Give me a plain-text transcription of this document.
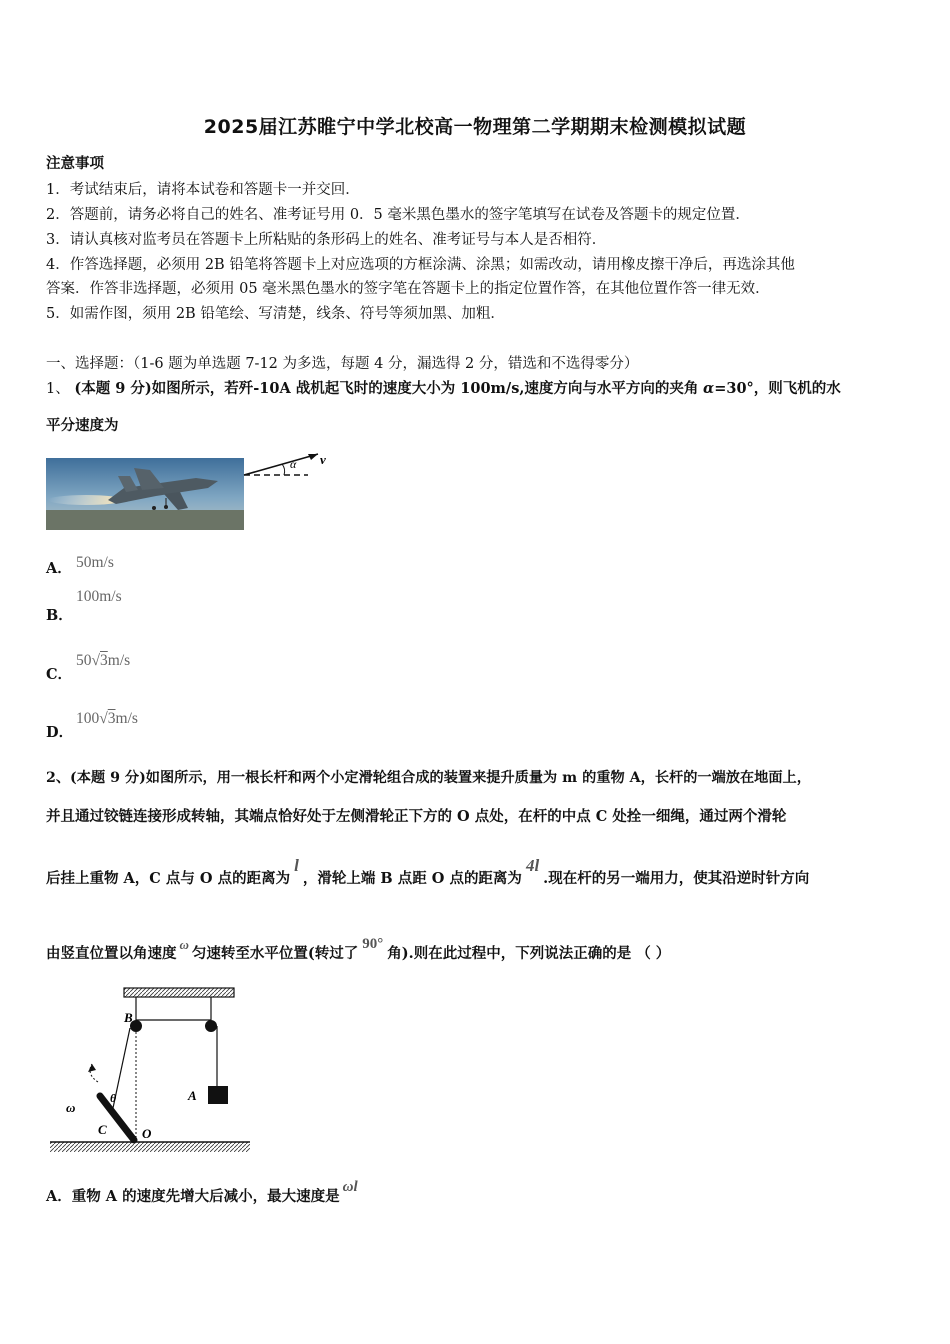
2025届江苏睢宁中学北校高一物理第二学期期末检测模拟试题
注意事项
1．考试结束后，请将本试卷和答题卡一并交回．
2．答题前，请务必将自己的姓名、准考证号用 0．5 毫米黑色墨水的签字笔填写在试卷及答题卡的规定位置．
3．请认真核对监考员在答题卡上所粘贴的条形码上的姓名、准考证号与本人是否相符．
4．作答选择题，必须用 2B 铅笔将答题卡上对应选项的方框涂满、涂黑；如需改动，请用橡皮擦干净后，再选涂其他
答案．作答非选择题，必须用 05 毫米黑色墨水的签字笔在答题卡上的指定位置作答，在其他位置作答一律无效．
5．如需作图，须用 2B 铅笔绘、写清楚，线条、符号等须加黑、加粗．
一、选择题：（1-6 题为单选题 7-12 为多选，每题 4 分，漏选得 2 分，错选和不选得零分）
1、 (本题 9 分)如图所示，若歼-10A 战机起飞时的速度大小为 100m/s,速度方向与水平方向的夹角 α=30°，则飞机的水
平分速度为
α v
A． 50m/s
B．
100m/s
C．
50√3m/s
D．
100√3m/s
2、(本题 9 分)如图所示，用一根长杆和两个小定滑轮组合成的装置来提升质量为 m 的重物 A，长杆的一端放在地面上，
并且通过铰链连接形成转轴，其端点恰好处于左侧滑轮正下方的 O 点处，在杆的中点 C 处拴一细绳，通过两个滑轮
后挂上重物 A，C 点与 O 点的距离为l，滑轮上端 B 点距 O 点的距离为4l.现在杆的另一端用力，使其沿逆时针方向
由竖直位置以角速度ω匀速转至水平位置(转过了90°角).则在此过程中，下列说法正确的是 （ ）
B
θ
ω
A
C	O
A．重物 A 的速度先增大后减小，最大速度是ωl
